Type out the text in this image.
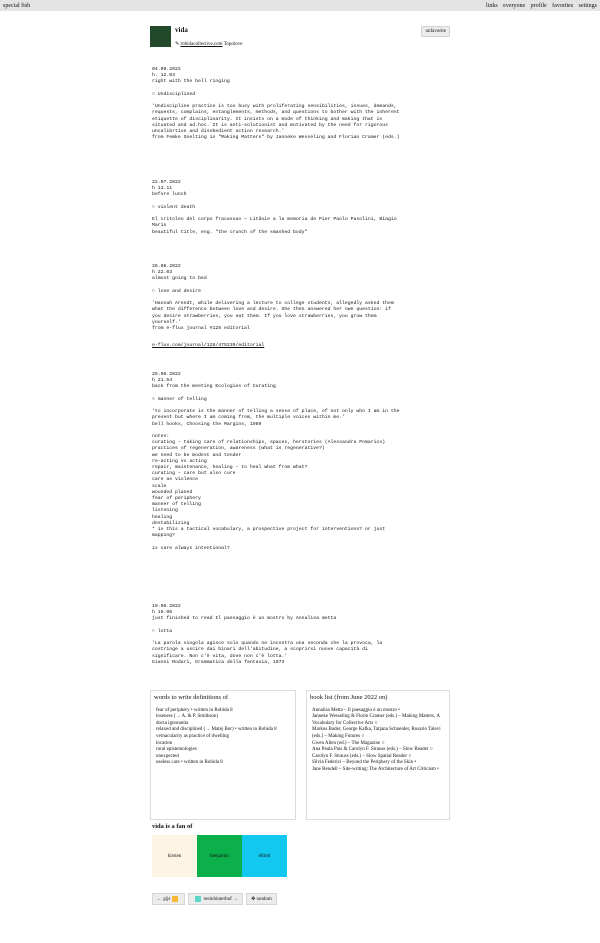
special fish	links everyone profile favorites settings
vida
✎ robidacollective.com Topolove
unfavorite

04.09.2022
h. 12.03
right with the bell ringing

○ Undisciplined

'Undiscipline practice is too busy with proliferating sensibilities, issues, demands,
requests, complains, entanglements, methods, and questions to bother with the inherent
etiquette of disciplinarity. It insists on a mode of thinking and making that is
situated and ad.hoc. It is anti-solutionist and motivated by the need for rigorous
uncalibrtion and disobedient action research.'
from Femke Snelting in "Making Matters" by Janneke Wesseling and Florian Cramer (eds.)

22.07.2022
h 13.11
before lunch

○ violent death

El critoleo del corpo fracassao — Litânie a la memoria de Pier Paolo Pasolini, Biagio
Marin
beautiful title, eng. "the crunch of the smashed body"

26.06.2022
h 22.03
almost going to bed

○ love and desire

'Hannah Arendt, while delivering a lecture to college students, allegedly asked them
what the difference between love and desire. She then answered her own question: if
you desire strawberries, you eat them. If you love strawberries, you grow them
yourself.'
from e-flux journal #128 editorial

e-flux.com/journal/128/475239/editorial

26.06.2022
h 21.54
back from the meeting Ecologies of Curating

○ manner of telling

'to incorporate is the manner of telling a sense of place, of not only who I am in the
present but where I am coming from, the multiple voices within me.'
bell hooks, Choosing the Margins, 1989

notes:
curating – taking care of relationships, spaces, herstories (Alessandra Pomarico)
practices of regeneration, awareness (what is regenerative?)
we need to be modest and tender
re-acting vs acting
repair, maintenance, healing – to heal what from what?
curating – care but also cure
care as violence
scale
wounded planed
fear of periphery
manner of telling
listening
healing
destabilizing
* is this a tactical vocabulary, a prospective project for interventions? or just
mapping?

is care always intentional?

19.06.2022
h 15.00
just finished to read Il paesaggio è un mostro by Annalisa metta

○ lotta

'La parola singola agisce solo quando ne incontra una seconda che la provoca, la
costringe a uscire dai binari dell'abitudine, a scoprirsi nuove capacità di
significare. Non c'è vita, dove non c'è lotta.'
Gianni Rodari, Grammatica della fantasia, 1973

words to write definitions of
fear of periphery • written in Robida 8
loseness (→ A. & P. Smithson)
docta ignorantia
relaxed and disciplined (→ Matej Bor) • written in Robida 8
vernacularity as practice of dwelling
location
rural epistemologies
unexpected
useless care • written in Robida 8
book list (from June 2022 on)
Annalisa Metta – Il paesaggio è un mostro •
Janneke Wesseling & Florin Cramer (eds.) – Making Matters, A Vocabulary for Collective Arts ○
Markus Bader, George Kafka, Tatjana Schneider, Rosario Talevi (eds.) – Making Futures ○
Gwen Allen (ed.) – The Magazine ○
Ana Paula Pais & Carolyn F. Strauss (eds.) – Slow Reader ○
Carolyn F. Strauss (eds.) – Slow Spatial Reader ○
Silvia Federici – Beyond the Periphery of the Skin •
Jane Rendell – Site-writing: The Architecture of Art Criticism •
vida is a fan of
kirsten	benjamin	elliott
← gijs	reeinhinterhof →	✥
random
